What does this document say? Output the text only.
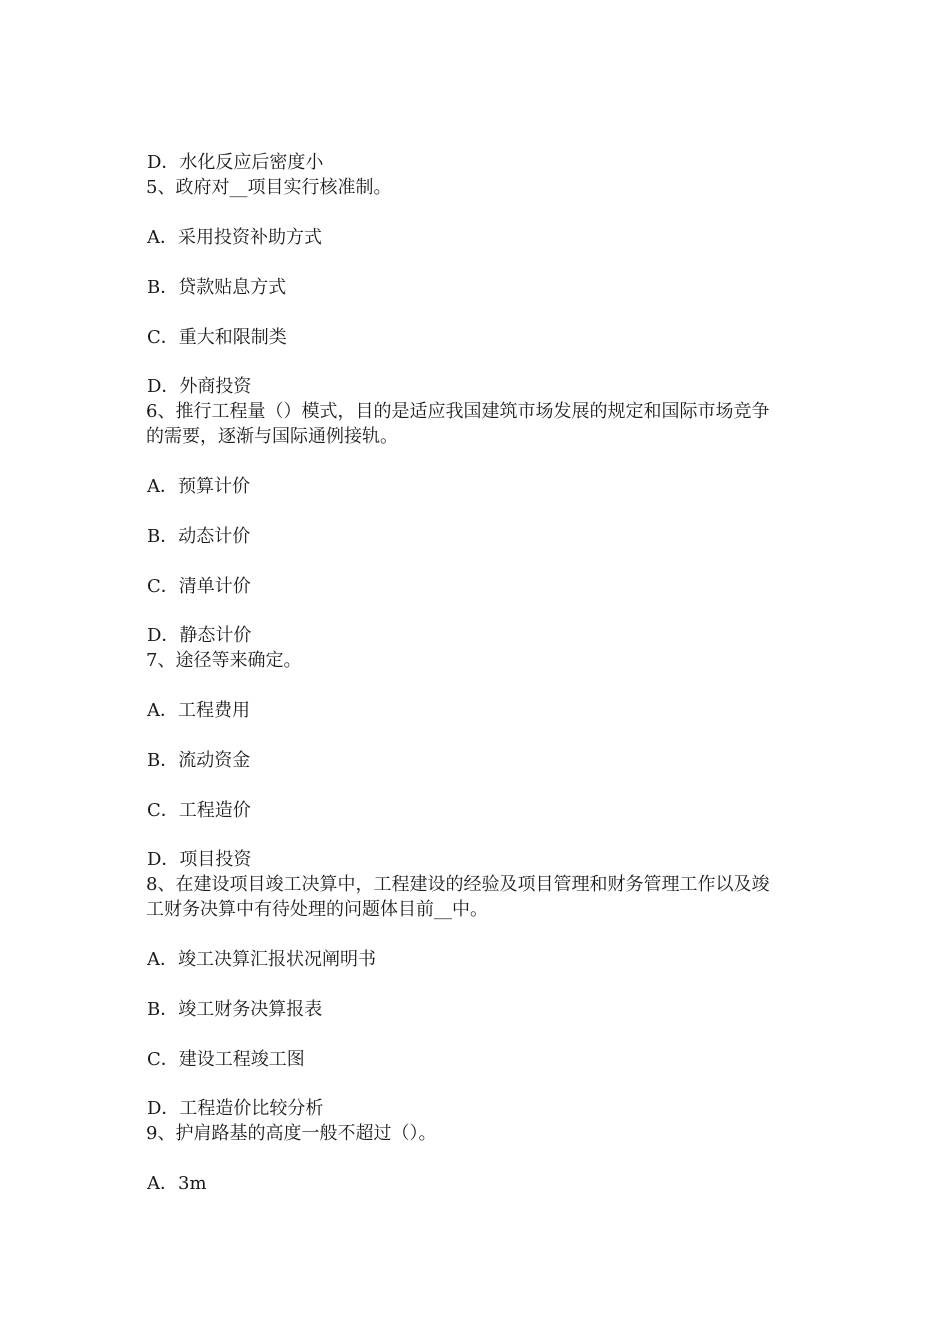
D．水化反应后密度小
5、政府对__项目实行核准制。
A．采用投资补助方式
B．贷款贴息方式
C．重大和限制类
D．外商投资
6、推行工程量（）模式，目的是适应我国建筑市场发展的规定和国际市场竞争
的需要，逐渐与国际通例接轨。
A．预算计价
B．动态计价
C．清单计价
D．静态计价
7、途径等来确定。
A．工程费用
B．流动资金
C．工程造价
D．项目投资
8、在建设项目竣工决算中，工程建设的经验及项目管理和财务管理工作以及竣
工财务决算中有待处理的问题体目前__中。
A．竣工决算汇报状况阐明书
B．竣工财务决算报表
C．建设工程竣工图
D．工程造价比较分析
9、护肩路基的高度一般不超过（）。
A．3m
